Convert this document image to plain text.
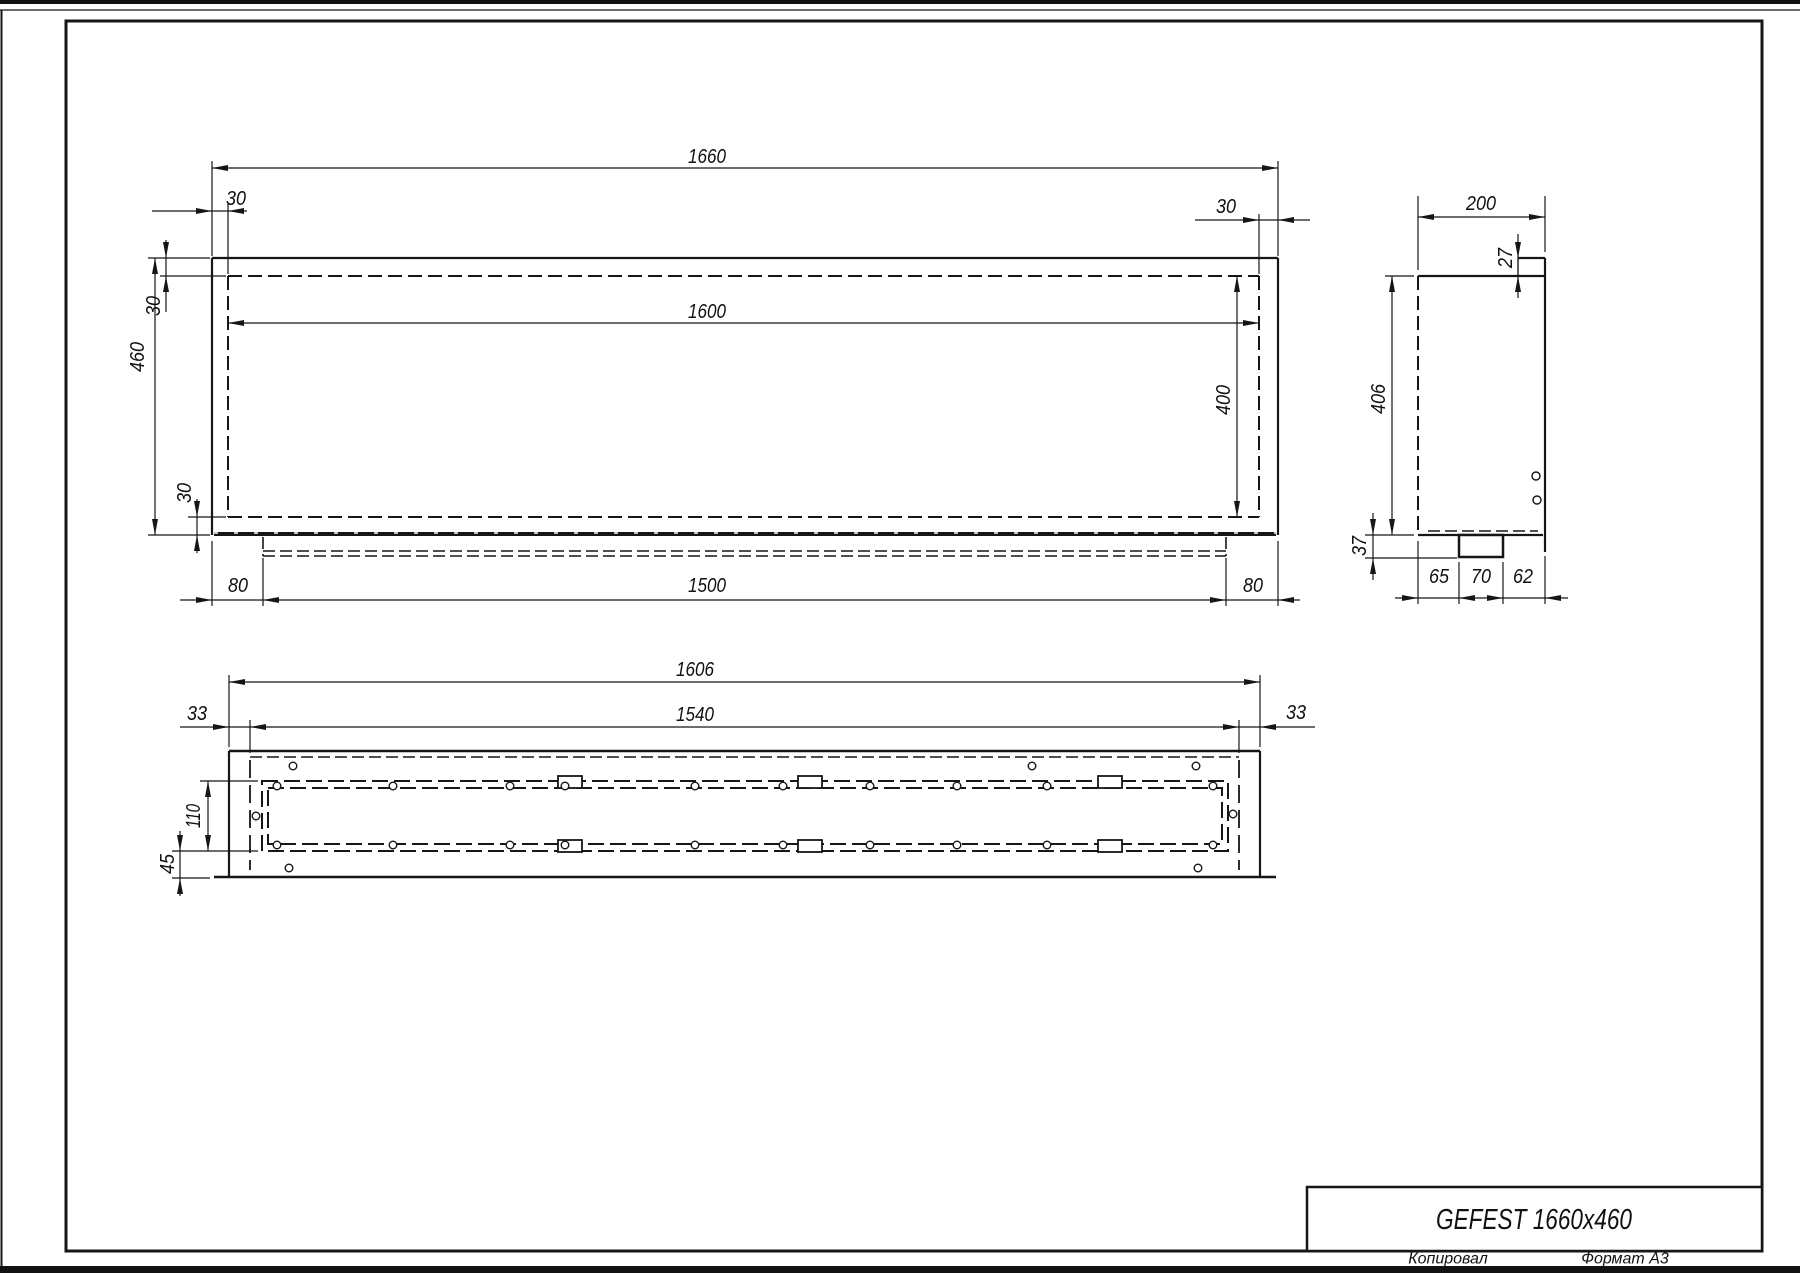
1660
1600
30	30
460
30
30
400
80	1500	80
200
27
406
37
65 70 62
1606
33	1540	33
110
45
GEFEST 1660x460
Копировал	Формат А3
